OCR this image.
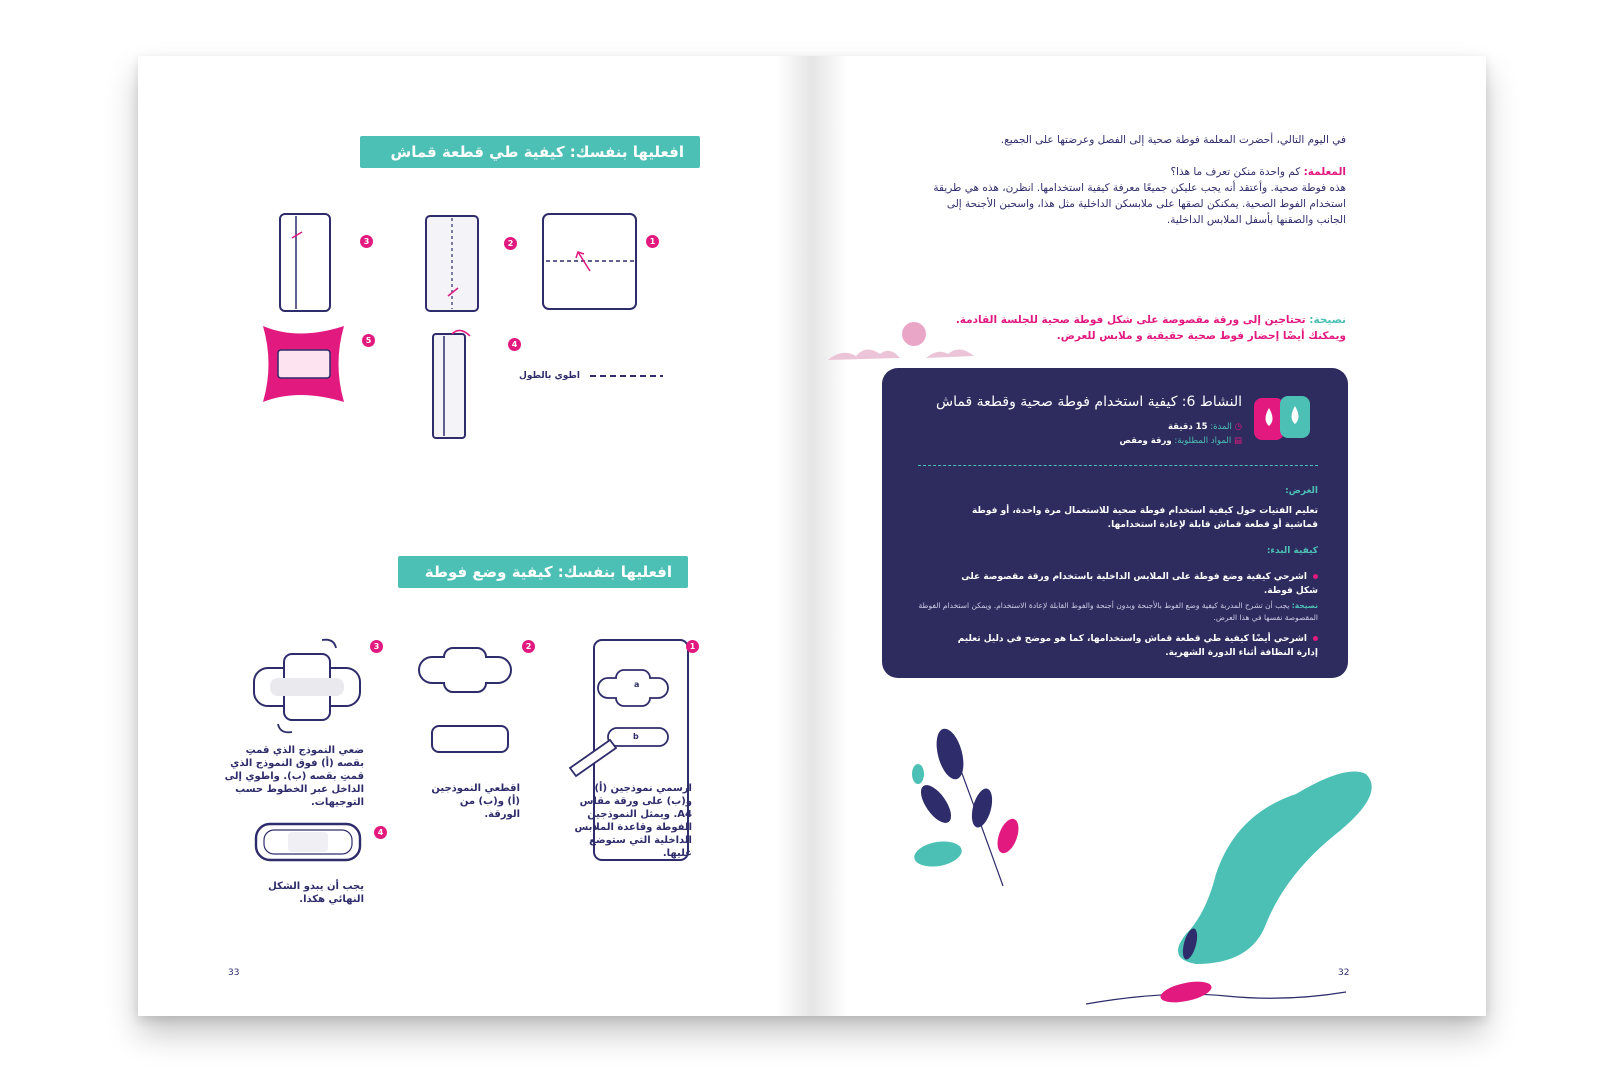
افعليها بنفسك: كيفية طي قطعة قماش
1
2
3
4
5
اطوي بالطول
افعليها بنفسك: كيفية وضع فوطة
1
2
3
4
a
b
ارسمي نموذجين (أ) و(ب) على ورقة مقاس A4. ويمثل النموذجين الفوطة وقاعدة الملابس الداخلية التي ستوضع عليها.
اقطعي النموذجين (أ) و(ب) من الورقة.
ضعي النموذج الذي قمتِ بقصه (أ) فوق النموذج الذي قمتِ بقصه (ب). واطوي إلى الداخل عبر الخطوط حسب التوجيهات.
يجب أن يبدو الشكل النهائي هكذا.
33
في اليوم التالي، أحضرت المعلمة فوطة صحية إلى الفصل وعرضتها على الجميع.
المعلمة: كم واحدة منكن تعرف ما هذا؟
هذه فوطة صحية. وأعتقد أنه يجب عليكن جميعًا معرفة كيفية استخدامها. انظرن، هذه هي طريقة استخدام الفوط الصحية. يمكنكن لصقها على ملابسكن الداخلية مثل هذا، واسحبن الأجنحة إلى الجانب والصقنها بأسفل الملابس الداخلية.
نصيحة: تحتاجين إلى ورقة مقصوصة على شكل فوطة صحية للجلسة القادمة.
ويمكنك أيضًا إحضار فوط صحية حقيقية و ملابس للعرض.
النشاط 6: كيفية استخدام فوطة صحية وقطعة قماش
◷ المدة: 15 دقيقة
▤ المواد المطلوبة: ورقة ومقص
الغرض:
تعليم الفتيات حول كيفية استخدام فوطة صحية للاستعمال مرة واحدة، أو فوطة قماشية أو قطعة قماش قابلة لإعادة استخدامها.
كيفية البدء:
اشرحي كيفية وضع فوطة على الملابس الداخلية باستخدام ورقة مقصوصة على شكل فوطة.
نصيحة: يجب أن تشرح المدربة كيفية وضع الفوط بالأجنحة وبدون أجنحة والفوط القابلة لإعادة الاستخدام. ويمكن استخدام الفوطة المقصوصة نفسها في هذا العرض.
اشرحي أيضًا كيفية طي قطعة قماش واستخدامها، كما هو موضح في دليل تعليم إدارة النظافة أثناء الدورة الشهرية.
32
